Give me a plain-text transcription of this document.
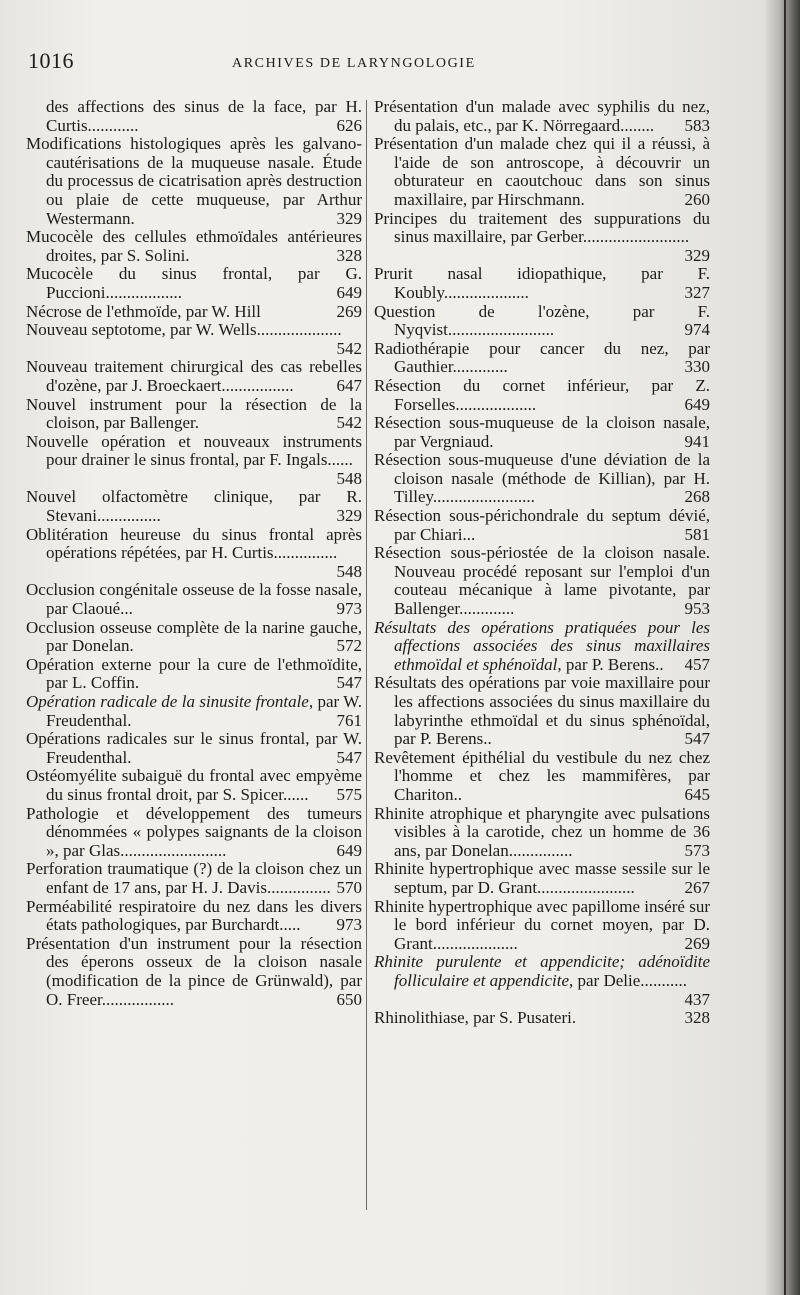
1016	ARCHIVES DE LARYNGOLOGIE

des affections des sinus de la face, par H. Curtis............	626

Modifications histologiques après les galvano-cautérisations de la muqueuse nasale. Étude du processus de cicatrisation après destruction ou plaie de cette muqueuse, par Arthur Westermann.	329

Mucocèle des cellules ethmoïdales antérieures droites, par S. Solini.	328

Mucocèle du sinus frontal, par G. Puccioni..................	649

Nécrose de l'ethmoïde, par W. Hill	269

Nouveau septotome, par W. Wells....................
542

Nouveau traitement chirurgical des cas rebelles d'ozène, par J. Broeckaert.................	647

Nouvel instrument pour la résection de la cloison, par Ballenger.	542

Nouvelle opération et nouveaux instruments pour drainer le sinus frontal, par F. Ingals......
548

Nouvel olfactomètre clinique, par R. Stevani...............	329

Oblitération heureuse du sinus frontal après opérations répétées, par H. Curtis...............
548

Occlusion congénitale osseuse de la fosse nasale, par Claoué...	973

Occlusion osseuse complète de la narine gauche, par Donelan.	572

Opération externe pour la cure de l'ethmoïdite, par L. Coffin.	547

Opération radicale de la sinusite frontale, par W. Freudenthal.	761

Opérations radicales sur le sinus frontal, par W. Freudenthal.	547

Ostéomyélite subaiguë du frontal avec empyème du sinus frontal droit, par S. Spicer...... 575

Pathologie et développement des tumeurs dénommées « polypes saignants de la cloison », par Glas.........................	649

Perforation traumatique (?) de la cloison chez un enfant de 17 ans, par H. J. Davis............... 570

Perméabilité respiratoire du nez dans les divers états pathologiques, par Burchardt..... 973

Présentation d'un instrument pour la résection des éperons osseux de la cloison nasale (modification de la pince de Grünwald), par O. Freer.................	650

Présentation d'un malade avec syphilis du nez, du palais, etc., par K. Nörregaard........ 583

Présentation d'un malade chez qui il a réussi, à l'aide de son antroscope, à découvrir un obturateur en caoutchouc dans son sinus maxillaire, par Hirschmann.	260

Principes du traitement des suppurations du sinus maxillaire, par Gerber.........................
329

Prurit nasal idiopathique, par F. Koubly....................	327

Question de l'ozène, par F. Nyqvist.........................	974

Radiothérapie pour cancer du nez, par Gauthier.............	330

Résection du cornet inférieur, par Z. Forselles...................	649

Résection sous-muqueuse de la cloison nasale, par Vergniaud.	941

Résection sous-muqueuse d'une déviation de la cloison nasale (méthode de Killian), par H. Tilley........................	268

Résection sous-périchondrale du septum dévié, par Chiari...	581

Résection sous-périostée de la cloison nasale. Nouveau procédé reposant sur l'emploi d'un couteau mécanique à lame pivotante, par Ballenger.............	953

Résultats des opérations pratiquées pour les affections associées des sinus maxillaires ethmoïdal et sphénoïdal, par P. Berens.. 457

Résultats des opérations par voie maxillaire pour les affections associées du sinus maxillaire du labyrinthe ethmoïdal et du sinus sphénoïdal, par P. Berens..	547

Revêtement épithélial du vestibule du nez chez l'homme et chez les mammifères, par Chariton..	645

Rhinite atrophique et pharyngite avec pulsations visibles à la carotide, chez un homme de 36 ans, par Donelan...............	573

Rhinite hypertrophique avec masse sessile sur le septum, par D. Grant.......................	267

Rhinite hypertrophique avec papillome inséré sur le bord inférieur du cornet moyen, par D. Grant....................	269

Rhinite purulente et appendicite; adénoïdite folliculaire et appendicite, par Delie...........
437

Rhinolithiase, par S. Pusateri.	328
